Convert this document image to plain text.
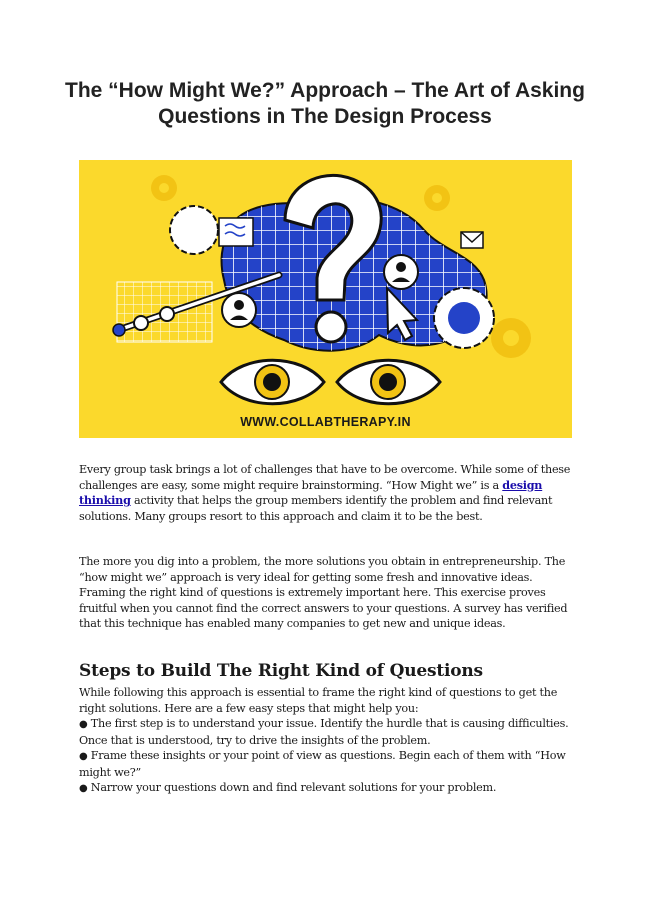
The “How Might We?” Approach – The Art of Asking Questions in The Design Process
WWW.COLLABTHERAPY.IN

Every group task brings a lot of challenges that have to be overcome. While some of these challenges are easy, some might require brainstorming. “How Might we” is a design thinking activity that helps the group members identify the problem and find relevant solutions. Many groups resort to this approach and claim it to be the best.

The more you dig into a problem, the more solutions you obtain in entrepreneurship. The “how might we” approach is very ideal for getting some fresh and innovative ideas. Framing the right kind of questions is extremely important here. This exercise proves fruitful when you cannot find the correct answers to your questions. A survey has verified that this technique has enabled many companies to get new and unique ideas.

Steps to Build The Right Kind of Questions

While following this approach is essential to frame the right kind of questions to get the right solutions. Here are a few easy steps that might help you:

● The first step is to understand your issue. Identify the hurdle that is causing difficulties. Once that is understood, try to drive the insights of the problem.
● Frame these insights or your point of view as questions. Begin each of them with “How might we?”
● Narrow your questions down and find relevant solutions for your problem.
